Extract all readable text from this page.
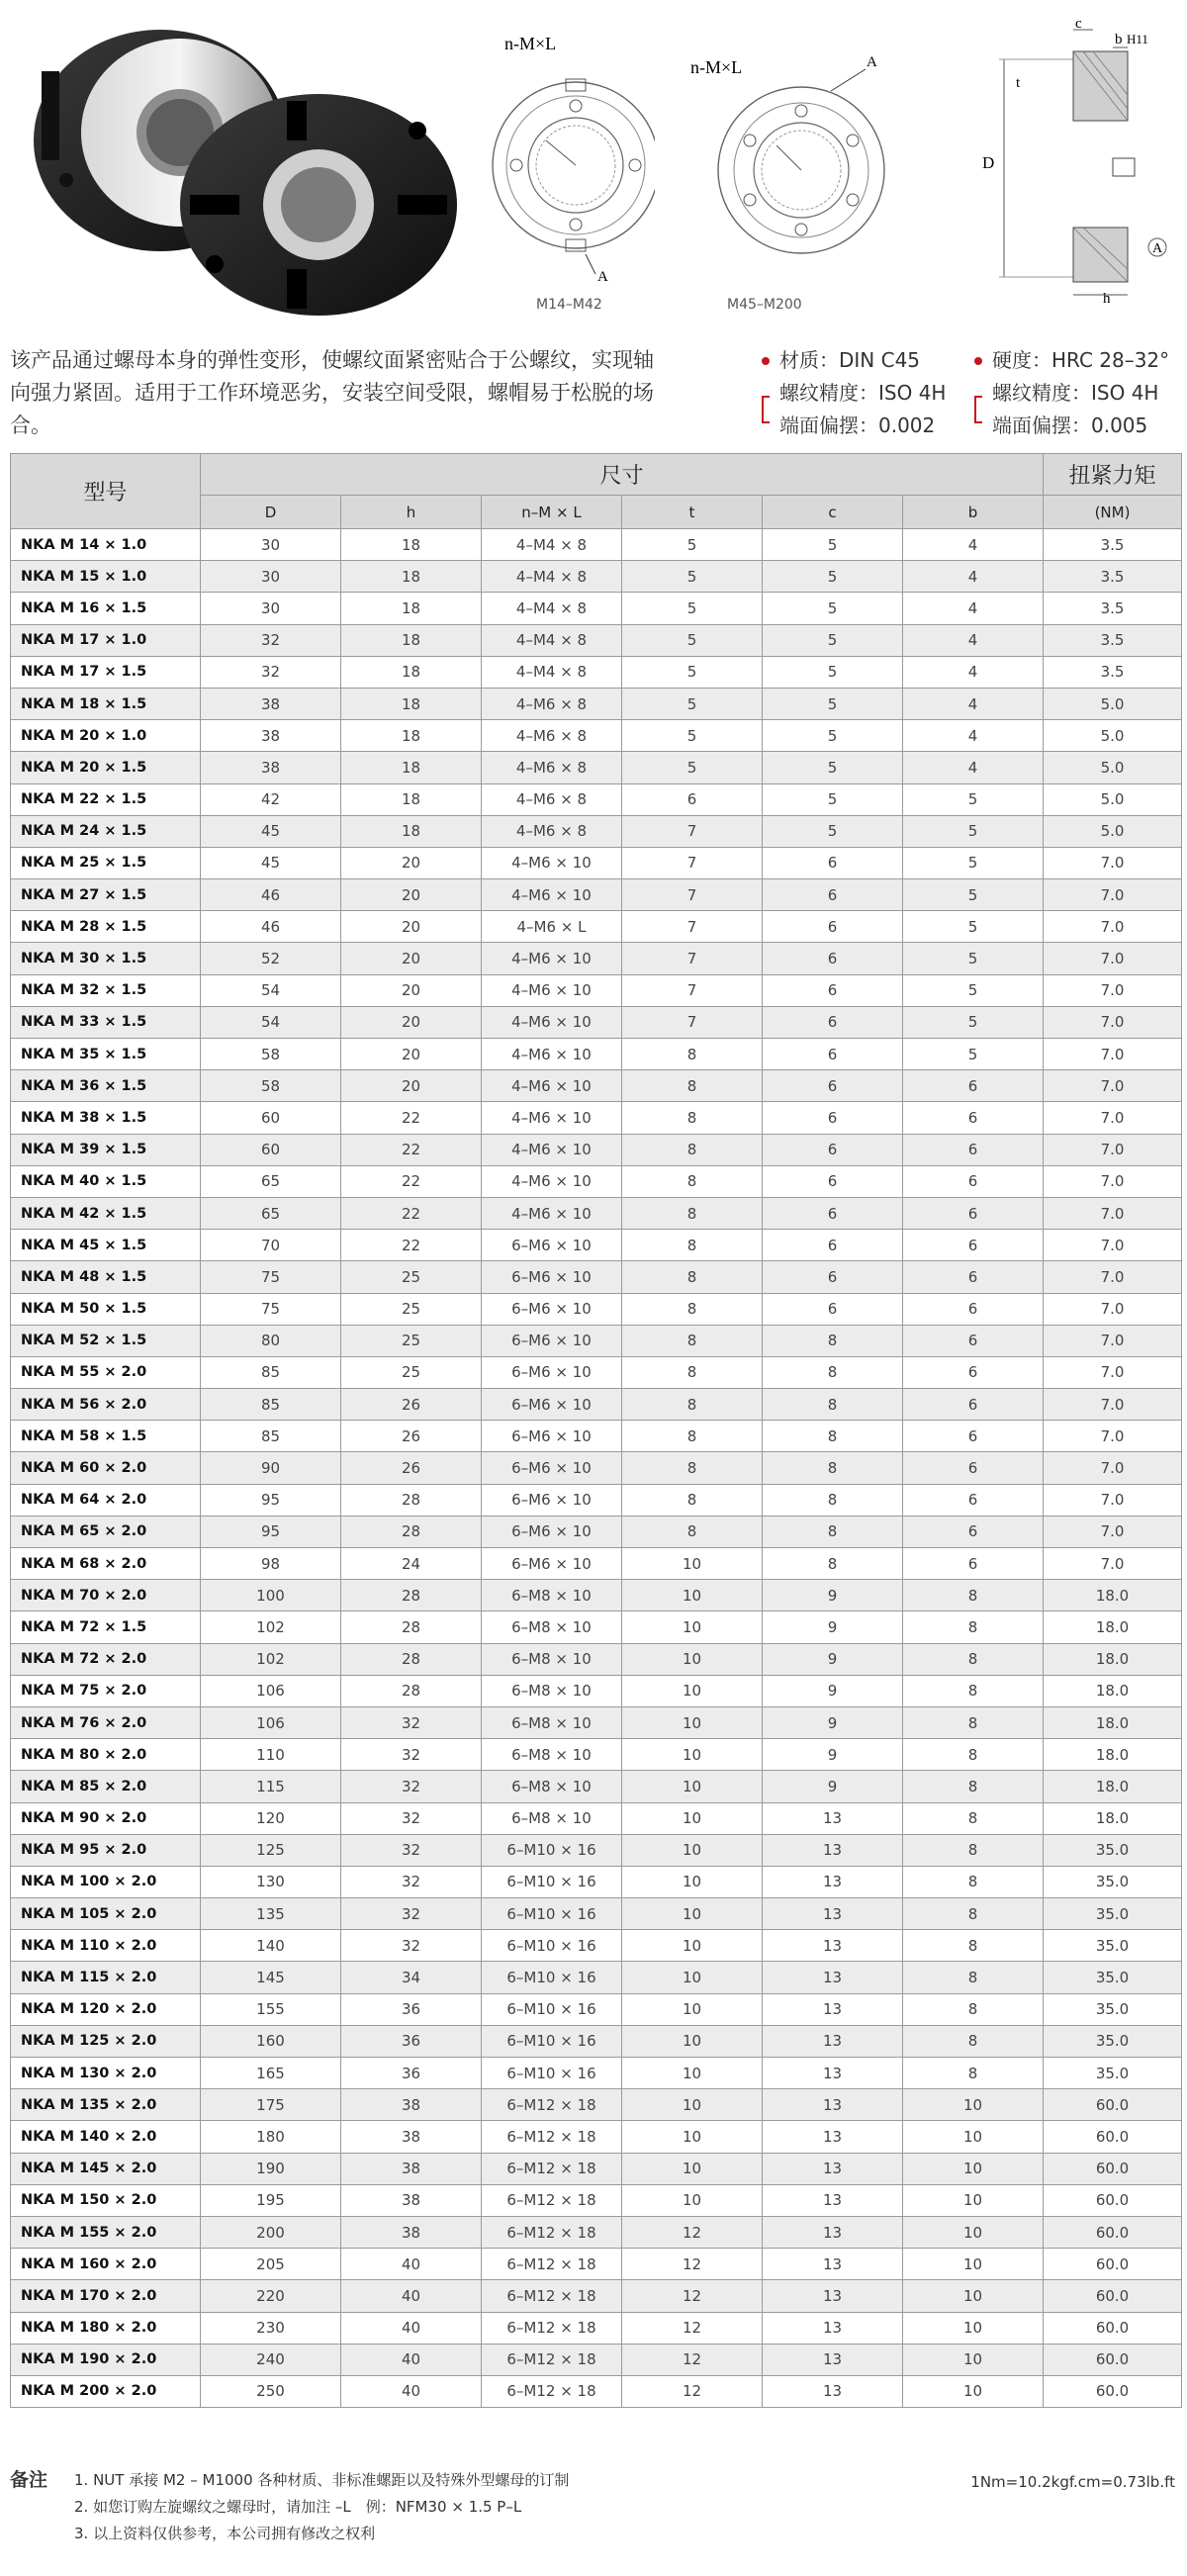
n-M×L
A
M14–M42
n-M×L	A
M45–M200
c
b H11
t
D
h
A
该产品通过螺母本身的弹性变形，使螺纹面紧密贴合于公螺纹，实现轴向强力紧固。适用于工作环境恶劣，安装空间受限，螺帽易于松脱的场合。
材质：DIN C45	硬度：HRC 28–32°
螺纹精度：ISO 4H 螺纹精度：ISO 4H
端面偏摆：0.002	端面偏摆：0.005
型号	尺寸						扭紧力矩
	D	h	n–M × L	t	c	b	(NM)
NKA M 14 × 1.0	30	18	4–M4 × 8	5	5	4	3.5
NKA M 15 × 1.0	30	18	4–M4 × 8	5	5	4	3.5
NKA M 16 × 1.5	30	18	4–M4 × 8	5	5	4	3.5
NKA M 17 × 1.0	32	18	4–M4 × 8	5	5	4	3.5
NKA M 17 × 1.5	32	18	4–M4 × 8	5	5	4	3.5
NKA M 18 × 1.5	38	18	4–M6 × 8	5	5	4	5.0
NKA M 20 × 1.0	38	18	4–M6 × 8	5	5	4	5.0
NKA M 20 × 1.5	38	18	4–M6 × 8	5	5	4	5.0
NKA M 22 × 1.5	42	18	4–M6 × 8	6	5	5	5.0
NKA M 24 × 1.5	45	18	4–M6 × 8	7	5	5	5.0
NKA M 25 × 1.5	45	20	4–M6 × 10	7	6	5	7.0
NKA M 27 × 1.5	46	20	4–M6 × 10	7	6	5	7.0
NKA M 28 × 1.5	46	20	4–M6 × L	7	6	5	7.0
NKA M 30 × 1.5	52	20	4–M6 × 10	7	6	5	7.0
NKA M 32 × 1.5	54	20	4–M6 × 10	7	6	5	7.0
NKA M 33 × 1.5	54	20	4–M6 × 10	7	6	5	7.0
NKA M 35 × 1.5	58	20	4–M6 × 10	8	6	5	7.0
NKA M 36 × 1.5	58	20	4–M6 × 10	8	6	6	7.0
NKA M 38 × 1.5	60	22	4–M6 × 10	8	6	6	7.0
NKA M 39 × 1.5	60	22	4–M6 × 10	8	6	6	7.0
NKA M 40 × 1.5	65	22	4–M6 × 10	8	6	6	7.0
NKA M 42 × 1.5	65	22	4–M6 × 10	8	6	6	7.0
NKA M 45 × 1.5	70	22	6–M6 × 10	8	6	6	7.0
NKA M 48 × 1.5	75	25	6–M6 × 10	8	6	6	7.0
NKA M 50 × 1.5	75	25	6–M6 × 10	8	6	6	7.0
NKA M 52 × 1.5	80	25	6–M6 × 10	8	8	6	7.0
NKA M 55 × 2.0	85	25	6–M6 × 10	8	8	6	7.0
NKA M 56 × 2.0	85	26	6–M6 × 10	8	8	6	7.0
NKA M 58 × 1.5	85	26	6–M6 × 10	8	8	6	7.0
NKA M 60 × 2.0	90	26	6–M6 × 10	8	8	6	7.0
NKA M 64 × 2.0	95	28	6–M6 × 10	8	8	6	7.0
NKA M 65 × 2.0	95	28	6–M6 × 10	8	8	6	7.0
NKA M 68 × 2.0	98	24	6–M6 × 10	10	8	6	7.0
NKA M 70 × 2.0	100	28	6–M8 × 10	10	9	8	18.0
NKA M 72 × 1.5	102	28	6–M8 × 10	10	9	8	18.0
NKA M 72 × 2.0	102	28	6–M8 × 10	10	9	8	18.0
NKA M 75 × 2.0	106	28	6–M8 × 10	10	9	8	18.0
NKA M 76 × 2.0	106	32	6–M8 × 10	10	9	8	18.0
NKA M 80 × 2.0	110	32	6–M8 × 10	10	9	8	18.0
NKA M 85 × 2.0	115	32	6–M8 × 10	10	9	8	18.0
NKA M 90 × 2.0	120	32	6–M8 × 10	10	13	8	18.0
NKA M 95 × 2.0	125	32	6–M10 × 16	10	13	8	35.0
NKA M 100 × 2.0	130	32	6–M10 × 16	10	13	8	35.0
NKA M 105 × 2.0	135	32	6–M10 × 16	10	13	8	35.0
NKA M 110 × 2.0	140	32	6–M10 × 16	10	13	8	35.0
NKA M 115 × 2.0	145	34	6–M10 × 16	10	13	8	35.0
NKA M 120 × 2.0	155	36	6–M10 × 16	10	13	8	35.0
NKA M 125 × 2.0	160	36	6–M10 × 16	10	13	8	35.0
NKA M 130 × 2.0	165	36	6–M10 × 16	10	13	8	35.0
NKA M 135 × 2.0	175	38	6–M12 × 18	10	13	10	60.0
NKA M 140 × 2.0	180	38	6–M12 × 18	10	13	10	60.0
NKA M 145 × 2.0	190	38	6–M12 × 18	10	13	10	60.0
NKA M 150 × 2.0	195	38	6–M12 × 18	10	13	10	60.0
NKA M 155 × 2.0	200	38	6–M12 × 18	12	13	10	60.0
NKA M 160 × 2.0	205	40	6–M12 × 18	12	13	10	60.0
NKA M 170 × 2.0	220	40	6–M12 × 18	12	13	10	60.0
NKA M 180 × 2.0	230	40	6–M12 × 18	12	13	10	60.0
NKA M 190 × 2.0	240	40	6–M12 × 18	12	13	10	60.0
NKA M 200 × 2.0	250	40	6–M12 × 18	12	13	10	60.0
备注 1. NUT 承接 M2 – M1000 各种材质、非标准螺距以及特殊外型螺母的订制
2. 如您订购左旋螺纹之螺母时，请加注 –L　例：NFM30 × 1.5 P–L
3. 以上资料仅供参考，本公司拥有修改之权利
1Nm=10.2kgf.cm=0.73lb.ft
